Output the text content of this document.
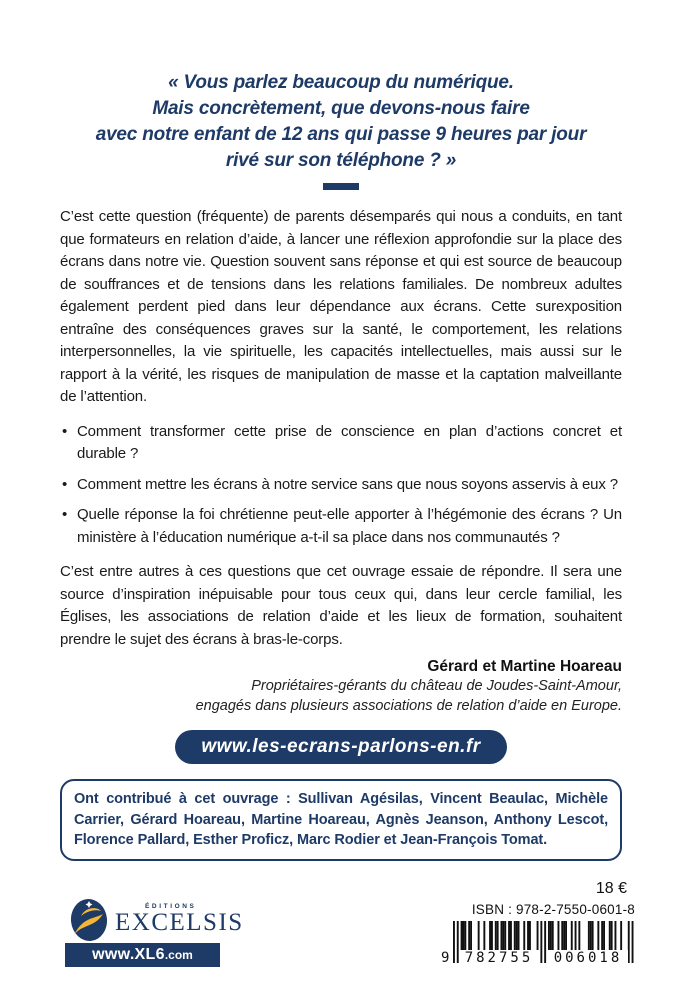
« Vous parlez beaucoup du numérique.
Mais concrètement, que devons-nous faire
avec notre enfant de 12 ans qui passe 9 heures par jour
rivé sur son téléphone ? »

C’est cette question (fréquente) de parents désemparés qui nous a conduits, en tant que formateurs en relation d’aide, à lancer une réflexion approfondie sur la place des écrans dans notre vie. Question souvent sans réponse et qui est source de beaucoup de souffrances et de tensions dans les relations familiales. De nombreux adultes également perdent pied dans leur dépendance aux écrans. Cette surexposition entraîne des conséquences graves sur la santé, le comportement, les relations interpersonnelles, la vie spirituelle, les capacités intellectuelles, mais aussi sur le rapport à la vérité, les risques de manipulation de masse et la captation malveillante de l’attention.

• Comment transformer cette prise de conscience en plan d’actions concret et durable ?
• Comment mettre les écrans à notre service sans que nous soyons asservis à eux ?
• Quelle réponse la foi chrétienne peut-elle apporter à l’hégémonie des écrans ? Un ministère à l’éducation numérique a-t-il sa place dans nos communautés ?

C’est entre autres à ces questions que cet ouvrage essaie de répondre. Il sera une source d’inspiration inépuisable pour tous ceux qui, dans leur cercle familial, les Églises, les associations de relation d’aide et les lieux de formation, souhaitent prendre le sujet des écrans à bras-le-corps.

Gérard et Martine Hoareau
Propriétaires-gérants du château de Joudes-Saint-Amour,
engagés dans plusieurs associations de relation d’aide en Europe.
www.les-ecrans-parlons-en.fr
Ont contribué à cet ouvrage : Sullivan Agésilas, Vincent Beaulac, Michèle Carrier, Gérard Hoareau, Martine Hoareau, Agnès Jeanson, Anthony Lescot, Florence Pallard, Esther Proficz, Marc Rodier et Jean-François Tomat.
ÉDITIONS
EXCELSIS
www.XL6.com
18 €
ISBN : 978-2-7550-0601-8
9	782755	006018
